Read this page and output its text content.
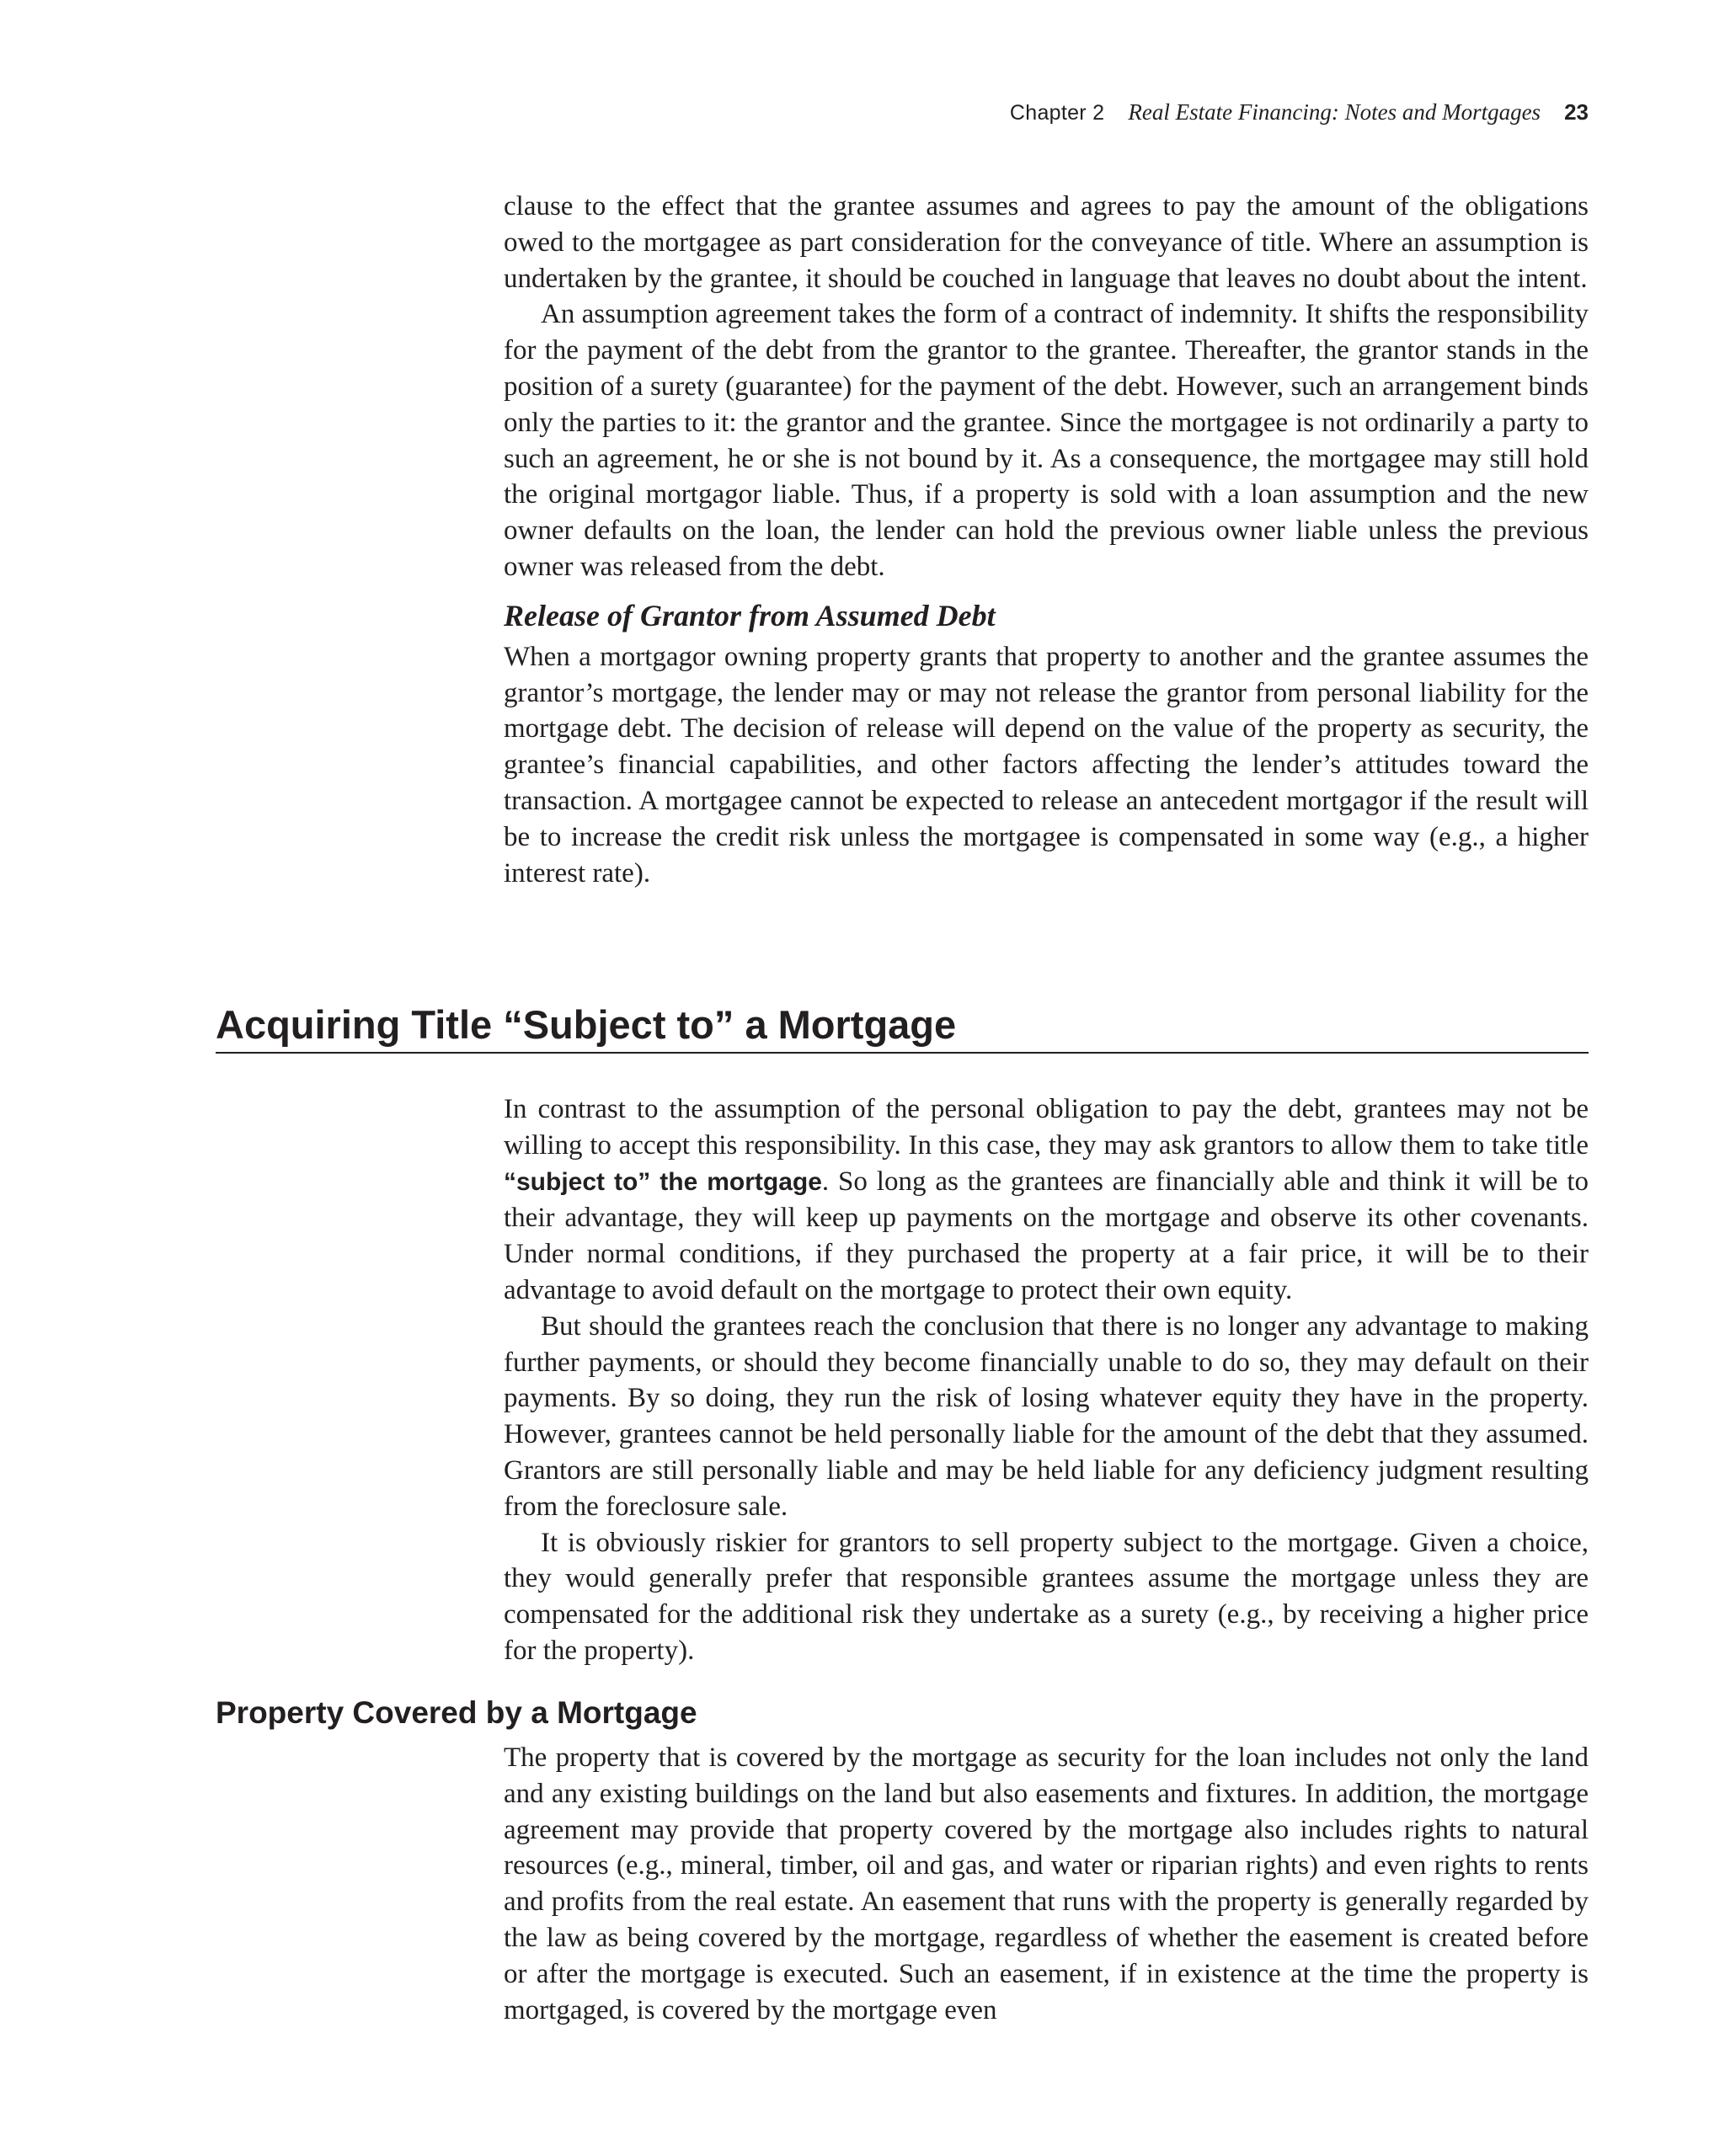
Chapter 2 Real Estate Financing: Notes and Mortgages 23

clause to the effect that the grantee assumes and agrees to pay the amount of the obligations owed to the mortgagee as part consideration for the conveyance of title. Where an assumption is undertaken by the grantee, it should be couched in language that leaves no doubt about the intent.

An assumption agreement takes the form of a contract of indemnity. It shifts the responsibility for the payment of the debt from the grantor to the grantee. Thereafter, the grantor stands in the position of a surety (guarantee) for the payment of the debt. However, such an arrangement binds only the parties to it: the grantor and the grantee. Since the mortgagee is not ordinarily a party to such an agreement, he or she is not bound by it. As a consequence, the mortgagee may still hold the original mortgagor liable. Thus, if a property is sold with a loan assumption and the new owner defaults on the loan, the lender can hold the previous owner liable unless the previous owner was released from the debt.

Release of Grantor from Assumed Debt

When a mortgagor owning property grants that property to another and the grantee assumes the grantor’s mortgage, the lender may or may not release the grantor from personal liability for the mortgage debt. The decision of release will depend on the value of the property as security, the grantee’s financial capabilities, and other factors affecting the lender’s attitudes toward the transaction. A mortgagee cannot be expected to release an antecedent mortgagor if the result will be to increase the credit risk unless the mortgagee is compensated in some way (e.g., a higher interest rate).

Acquiring Title “Subject to” a Mortgage

In contrast to the assumption of the personal obligation to pay the debt, grantees may not be willing to accept this responsibility. In this case, they may ask grantors to allow them to take title “subject to” the mortgage. So long as the grantees are financially able and think it will be to their advantage, they will keep up payments on the mortgage and observe its other covenants. Under normal conditions, if they purchased the property at a fair price, it will be to their advantage to avoid default on the mortgage to protect their own equity.

But should the grantees reach the conclusion that there is no longer any advantage to making further payments, or should they become financially unable to do so, they may default on their payments. By so doing, they run the risk of losing whatever equity they have in the property. However, grantees cannot be held personally liable for the amount of the debt that they assumed. Grantors are still personally liable and may be held liable for any deficiency judgment resulting from the foreclosure sale.

It is obviously riskier for grantors to sell property subject to the mortgage. Given a choice, they would generally prefer that responsible grantees assume the mortgage unless they are compensated for the additional risk they undertake as a surety (e.g., by receiving a higher price for the property).

Property Covered by a Mortgage

The property that is covered by the mortgage as security for the loan includes not only the land and any existing buildings on the land but also easements and fixtures. In addition, the mortgage agreement may provide that property covered by the mortgage also includes rights to natural resources (e.g., mineral, timber, oil and gas, and water or riparian rights) and even rights to rents and profits from the real estate. An easement that runs with the property is generally regarded by the law as being covered by the mortgage, regardless of whether the easement is created before or after the mortgage is executed. Such an easement, if in existence at the time the property is mortgaged, is covered by the mortgage even
